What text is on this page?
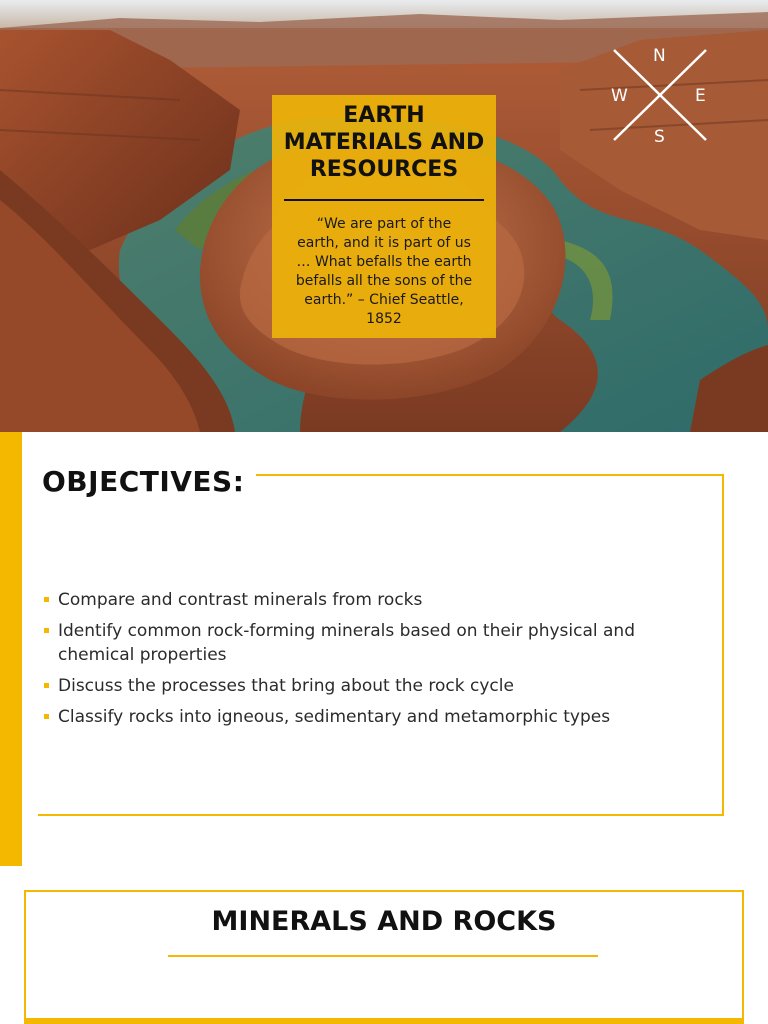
EARTH MATERIALS AND RESOURCES

“We are part of the
earth, and it is part of us
… What befalls the earth
befalls all the sons of the
earth.” – Chief Seattle,
1852

N
W	E
S
OBJECTIVES:
Compare and contrast minerals from rocks
Identify common rock-forming minerals based on their physical and chemical properties
Discuss the processes that bring about the rock cycle
Classify rocks into igneous, sedimentary and metamorphic types
MINERALS AND ROCKS
